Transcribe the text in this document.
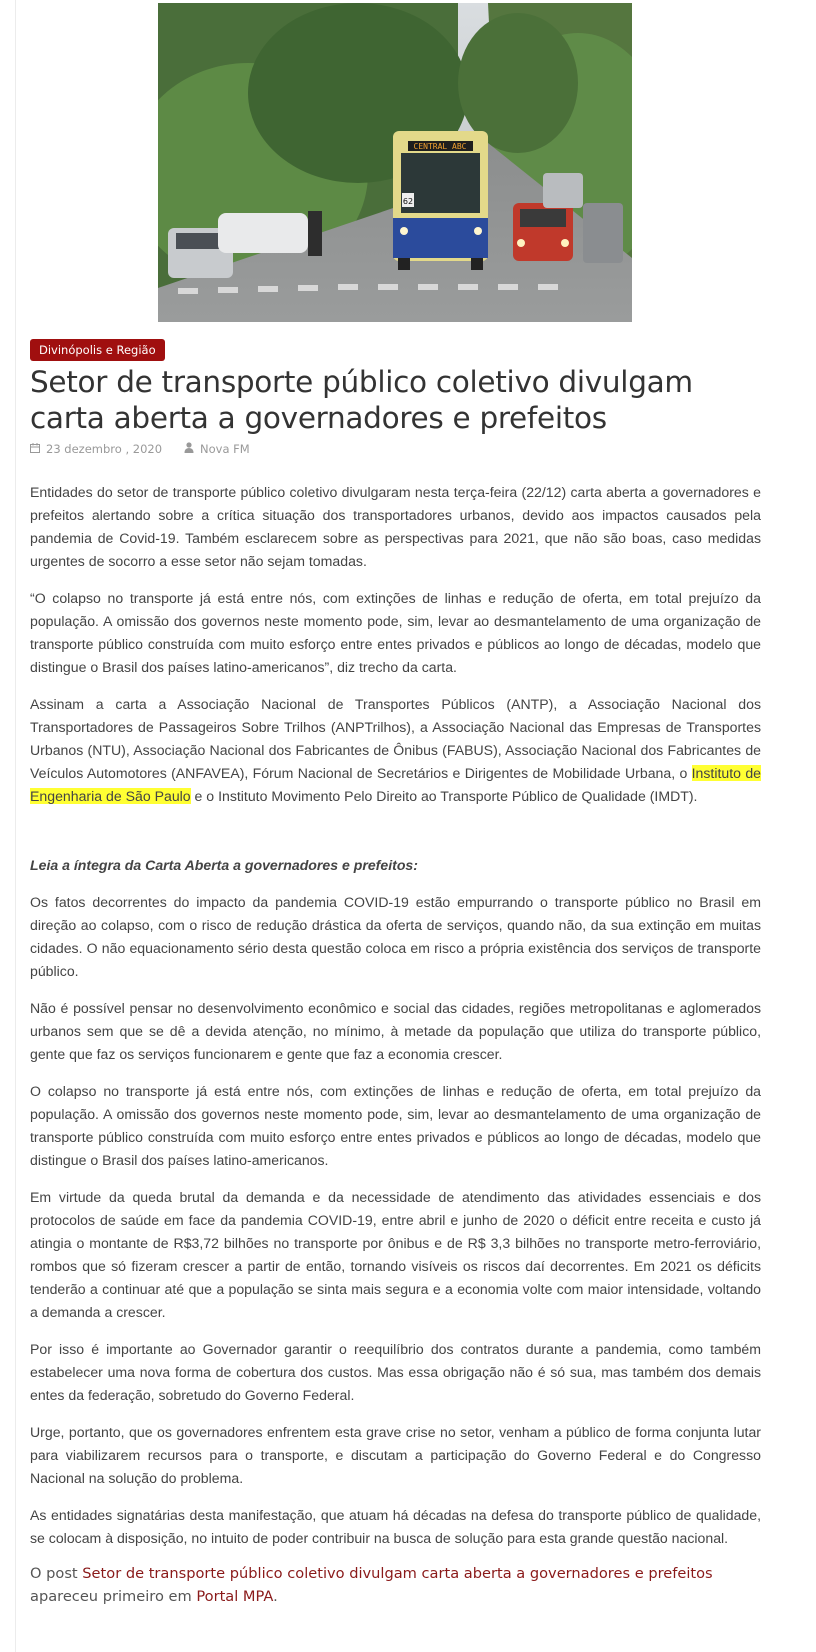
CENTRAL ABC
62
Divinópolis e Região
Setor de transporte público coletivo divulgam carta aberta a governadores e prefeitos
23 dezembro , 2020	Nova FM

Entidades do setor de transporte público coletivo divulgaram nesta terça-feira (22/12) carta aberta a governadores e prefeitos alertando sobre a crítica situação dos transportadores urbanos, devido aos impactos causados pela pandemia de Covid-19. Também esclarecem sobre as perspectivas para 2021, que não são boas, caso medidas urgentes de socorro a esse setor não sejam tomadas.

“O colapso no transporte já está entre nós, com extinções de linhas e redução de oferta, em total prejuízo da população. A omissão dos governos neste momento pode, sim, levar ao desmantelamento de uma organização de transporte público construída com muito esforço entre entes privados e públicos ao longo de décadas, modelo que distingue o Brasil dos países latino-americanos”, diz trecho da carta.

Assinam a carta a Associação Nacional de Transportes Públicos (ANTP), a Associação Nacional dos Transportadores de Passageiros Sobre Trilhos (ANPTrilhos), a Associação Nacional das Empresas de Transportes Urbanos (NTU), Associação Nacional dos Fabricantes de Ônibus (FABUS), Associação Nacional dos Fabricantes de Veículos Automotores (ANFAVEA), Fórum Nacional de Secretários e Dirigentes de Mobilidade Urbana, o Instituto de Engenharia de São Paulo e o Instituto Movimento Pelo Direito ao Transporte Público de Qualidade (IMDT).

Leia a íntegra da Carta Aberta a governadores e prefeitos:

Os fatos decorrentes do impacto da pandemia COVID-19 estão empurrando o transporte público no Brasil em direção ao colapso, com o risco de redução drástica da oferta de serviços, quando não, da sua extinção em muitas cidades. O não equacionamento sério desta questão coloca em risco a própria existência dos serviços de transporte público.

Não é possível pensar no desenvolvimento econômico e social das cidades, regiões metropolitanas e aglomerados urbanos sem que se dê a devida atenção, no mínimo, à metade da população que utiliza do transporte público, gente que faz os serviços funcionarem e gente que faz a economia crescer.

O colapso no transporte já está entre nós, com extinções de linhas e redução de oferta, em total prejuízo da população. A omissão dos governos neste momento pode, sim, levar ao desmantelamento de uma organização de transporte público construída com muito esforço entre entes privados e públicos ao longo de décadas, modelo que distingue o Brasil dos países latino-americanos.

Em virtude da queda brutal da demanda e da necessidade de atendimento das atividades essenciais e dos protocolos de saúde em face da pandemia COVID-19, entre abril e junho de 2020 o déficit entre receita e custo já atingia o montante de R$3,72 bilhões no transporte por ônibus e de R$ 3,3 bilhões no transporte metro-ferroviário, rombos que só fizeram crescer a partir de então, tornando visíveis os riscos daí decorrentes. Em 2021 os déficits tenderão a continuar até que a população se sinta mais segura e a economia volte com maior intensidade, voltando a demanda a crescer.

Por isso é importante ao Governador garantir o reequilíbrio dos contratos durante a pandemia, como também estabelecer uma nova forma de cobertura dos custos. Mas essa obrigação não é só sua, mas também dos demais entes da federação, sobretudo do Governo Federal.

Urge, portanto, que os governadores enfrentem esta grave crise no setor, venham a público de forma conjunta lutar para viabilizarem recursos para o transporte, e discutam a participação do Governo Federal e do Congresso Nacional na solução do problema.

As entidades signatárias desta manifestação, que atuam há décadas na defesa do transporte público de qualidade, se colocam à disposição, no intuito de poder contribuir na busca de solução para esta grande questão nacional.

O post Setor de transporte público coletivo divulgam carta aberta a governadores e prefeitos apareceu primeiro em Portal MPA.
